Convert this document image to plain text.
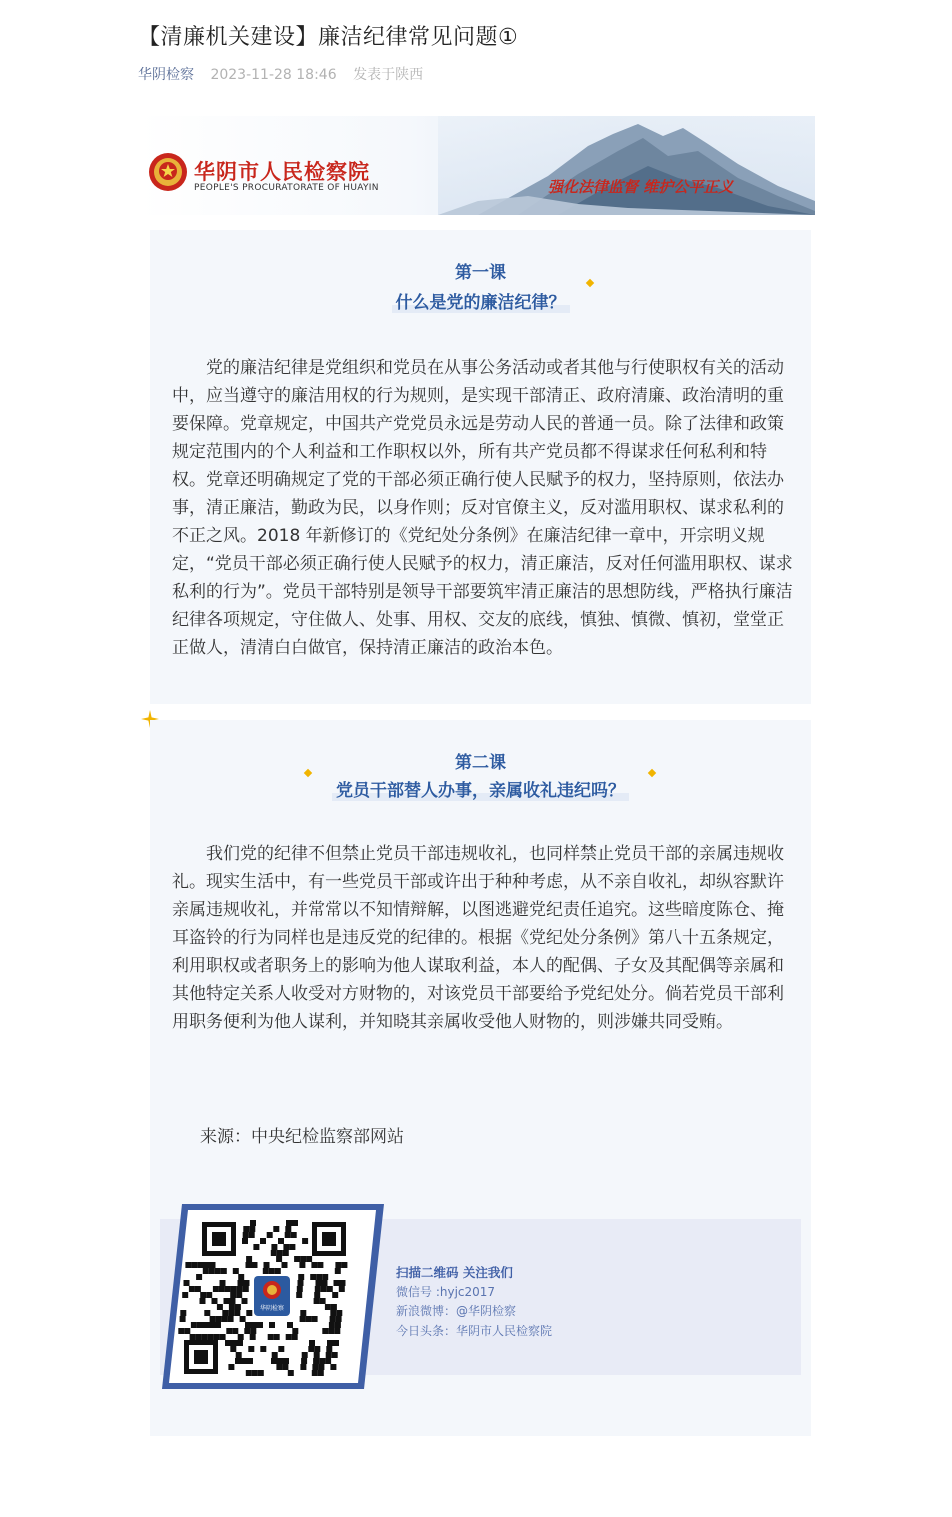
【清廉机关建设】廉洁纪律常见问题①
华阴检察 2023-11-28 18:46 发表于陕西
华阴市人民检察院
PEOPLE'S PROCURATORATE OF HUAYIN	强化法律监督 维护公平正义
第一课
什么是党的廉洁纪律？

党的廉洁纪律是党组织和党员在从事公务活动或者其他与行使职权有关的活动中，应当遵守的廉洁用权的行为规则，是实现干部清正、政府清廉、政治清明的重要保障。党章规定，中国共产党党员永远是劳动人民的普通一员。除了法律和政策规定范围内的个人利益和工作职权以外，所有共产党员都不得谋求任何私利和特权。党章还明确规定了党的干部必须正确行使人民赋予的权力，坚持原则，依法办事，清正廉洁，勤政为民，以身作则；反对官僚主义，反对滥用职权、谋求私利的不正之风。2018 年新修订的《党纪处分条例》在廉洁纪律一章中，开宗明义规定，“党员干部必须正确行使人民赋予的权力，清正廉洁，反对任何滥用职权、谋求私利的行为”。党员干部特别是领导干部要筑牢清正廉洁的思想防线，严格执行廉洁纪律各项规定，守住做人、处事、用权、交友的底线，慎独、慎微、慎初，堂堂正正做人，清清白白做官，保持清正廉洁的政治本色。

第二课
党员干部替人办事，亲属收礼违纪吗？

我们党的纪律不但禁止党员干部违规收礼，也同样禁止党员干部的亲属违规收礼。现实生活中，有一些党员干部或许出于种种考虑，从不亲自收礼，却纵容默许亲属违规收礼，并常常以不知情辩解，以图逃避党纪责任追究。这些暗度陈仓、掩耳盗铃的行为同样也是违反党的纪律的。根据《党纪处分条例》第八十五条规定，利用职权或者职务上的影响为他人谋取利益，本人的配偶、子女及其配偶等亲属和其他特定关系人收受对方财物的，对该党员干部要给予党纪处分。倘若党员干部利用职务便利为他人谋利，并知晓其亲属收受他人财物的，则涉嫌共同受贿。

来源：中央纪检监察部网站
华阴检察
扫描二维码 关注我们
微信号 :hyjc2017
新浪微博：@华阴检察
今日头条：华阴市人民检察院
